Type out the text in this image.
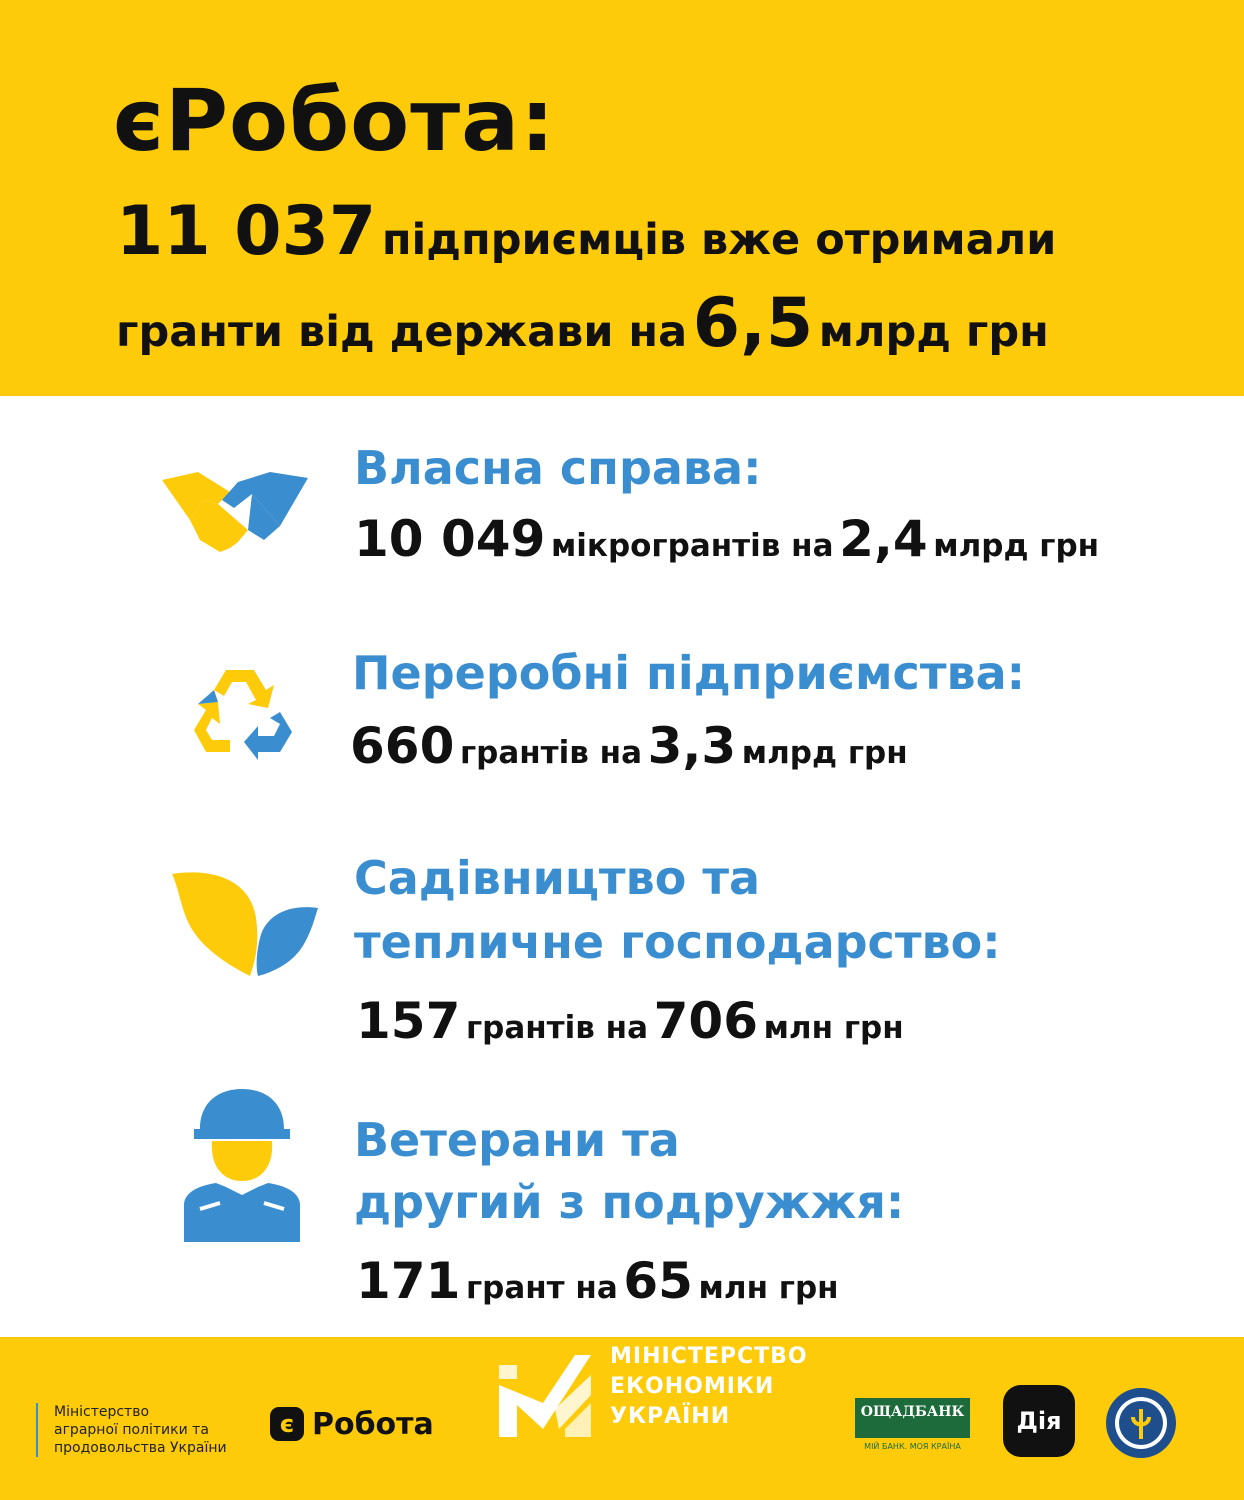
єРобота:
11 037 підприємців вже отримали
гранти від держави на 6,5 млрд грн
Власна справа:
10 049 мікрогрантів на 2,4 млрд грн
Переробні підприємства:
660 грантів на 3,3 млрд грн
Садівництво та
тепличне господарство:
157 грантів на 706 млн грн
Ветерани та
другий з подружжя:
171 грант на 65 млн грн
Міністерство
аграрної політики та
продовольства України
є Робота
МІНІСТЕРСТВО
ЕКОНОМІКИ
УКРАЇНИ	ОЩАДБАНК
МІЙ БАНК. МОЯ КРАЇНА
Дія
